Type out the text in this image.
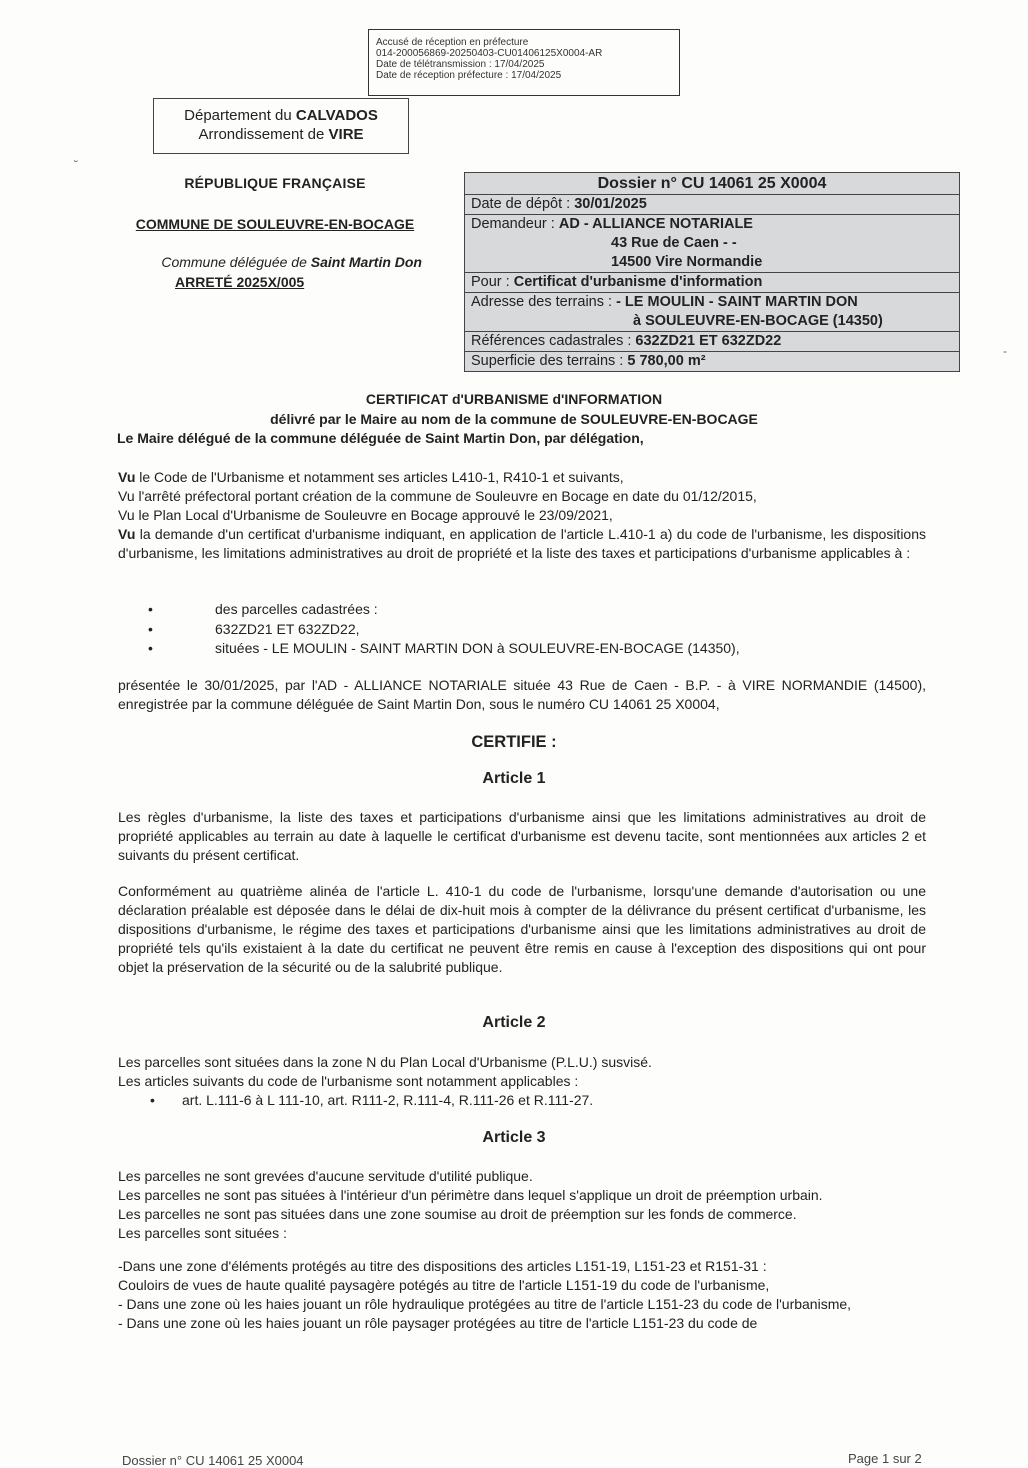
Accusé de réception en préfecture
014-200056869-20250403-CU01406125X0004-AR
Date de télétransmission : 17/04/2025
Date de réception préfecture : 17/04/2025
Département du CALVADOS
Arrondissement de VIRE
RÉPUBLIQUE FRANÇAISE
COMMUNE DE SOULEUVRE-EN-BOCAGE
Commune déléguée de Saint Martin Don
ARRETÉ 2025X/005
Dossier n° CU 14061 25 X0004
Date de dépôt : 30/01/2025
Demandeur : AD - ALLIANCE NOTARIALE
43 Rue de Caen - -
14500 Vire Normandie
Pour : Certificat d'urbanisme d'information
Adresse des terrains : - LE MOULIN - SAINT MARTIN DON
à SOULEUVRE-EN-BOCAGE (14350)
Références cadastrales : 632ZD21 ET 632ZD22
Superficie des terrains : 5 780,00 m²
CERTIFICAT d'URBANISME d'INFORMATION
délivré par le Maire au nom de la commune de SOULEUVRE-EN-BOCAGE
Le Maire délégué de la commune déléguée de Saint Martin Don, par délégation,
Vu le Code de l'Urbanisme et notamment ses articles L410-1, R410-1 et suivants,
Vu l'arrêté préfectoral portant création de la commune de Souleuvre en Bocage en date du 01/12/2015,
Vu le Plan Local d'Urbanisme de Souleuvre en Bocage approuvé le 23/09/2021,
Vu la demande d'un certificat d'urbanisme indiquant, en application de l'article L.410-1 a) du code de l'urbanisme, les dispositions d'urbanisme, les limitations administratives au droit de propriété et la liste des taxes et participations d'urbanisme applicables à :
• des parcelles cadastrées :
• 632ZD21 ET 632ZD22,
• situées - LE MOULIN - SAINT MARTIN DON à SOULEUVRE-EN-BOCAGE (14350),
présentée le 30/01/2025, par l'AD - ALLIANCE NOTARIALE située 43 Rue de Caen - B.P. - à VIRE NORMANDIE (14500), enregistrée par la commune déléguée de Saint Martin Don, sous le numéro CU 14061 25 X0004,
CERTIFIE :
Article 1
Les règles d'urbanisme, la liste des taxes et participations d'urbanisme ainsi que les limitations administratives au droit de propriété applicables au terrain au date à laquelle le certificat d'urbanisme est devenu tacite, sont mentionnées aux articles 2 et suivants du présent certificat.
Conformément au quatrième alinéa de l'article L. 410-1 du code de l'urbanisme, lorsqu'une demande d'autorisation ou une déclaration préalable est déposée dans le délai de dix-huit mois à compter de la délivrance du présent certificat d'urbanisme, les dispositions d'urbanisme, le régime des taxes et participations d'urbanisme ainsi que les limitations administratives au droit de propriété tels qu'ils existaient à la date du certificat ne peuvent être remis en cause à l'exception des dispositions qui ont pour objet la préservation de la sécurité ou de la salubrité publique.
Article 2
Les parcelles sont situées dans la zone N du Plan Local d'Urbanisme (P.L.U.) susvisé.
Les articles suivants du code de l'urbanisme sont notamment applicables :
• art. L.111-6 à L 111-10, art. R111-2, R.111-4, R.111-26 et R.111-27.
Article 3
Les parcelles ne sont grevées d'aucune servitude d'utilité publique.
Les parcelles ne sont pas situées à l'intérieur d'un périmètre dans lequel s'applique un droit de préemption urbain.
Les parcelles ne sont pas situées dans une zone soumise au droit de préemption sur les fonds de commerce.
Les parcelles sont situées :
-Dans une zone d'éléments protégés au titre des dispositions des articles L151-19, L151-23 et R151-31 :
Couloirs de vues de haute qualité paysagère potégés au titre de l'article L151-19 du code de l'urbanisme,
- Dans une zone où les haies jouant un rôle hydraulique protégées au titre de l'article L151-23 du code de l'urbanisme,
- Dans une zone où les haies jouant un rôle paysager protégées au titre de l'article L151-23 du code de
Dossier n° CU 14061 25 X0004	Page 1 sur 2
˘
-
